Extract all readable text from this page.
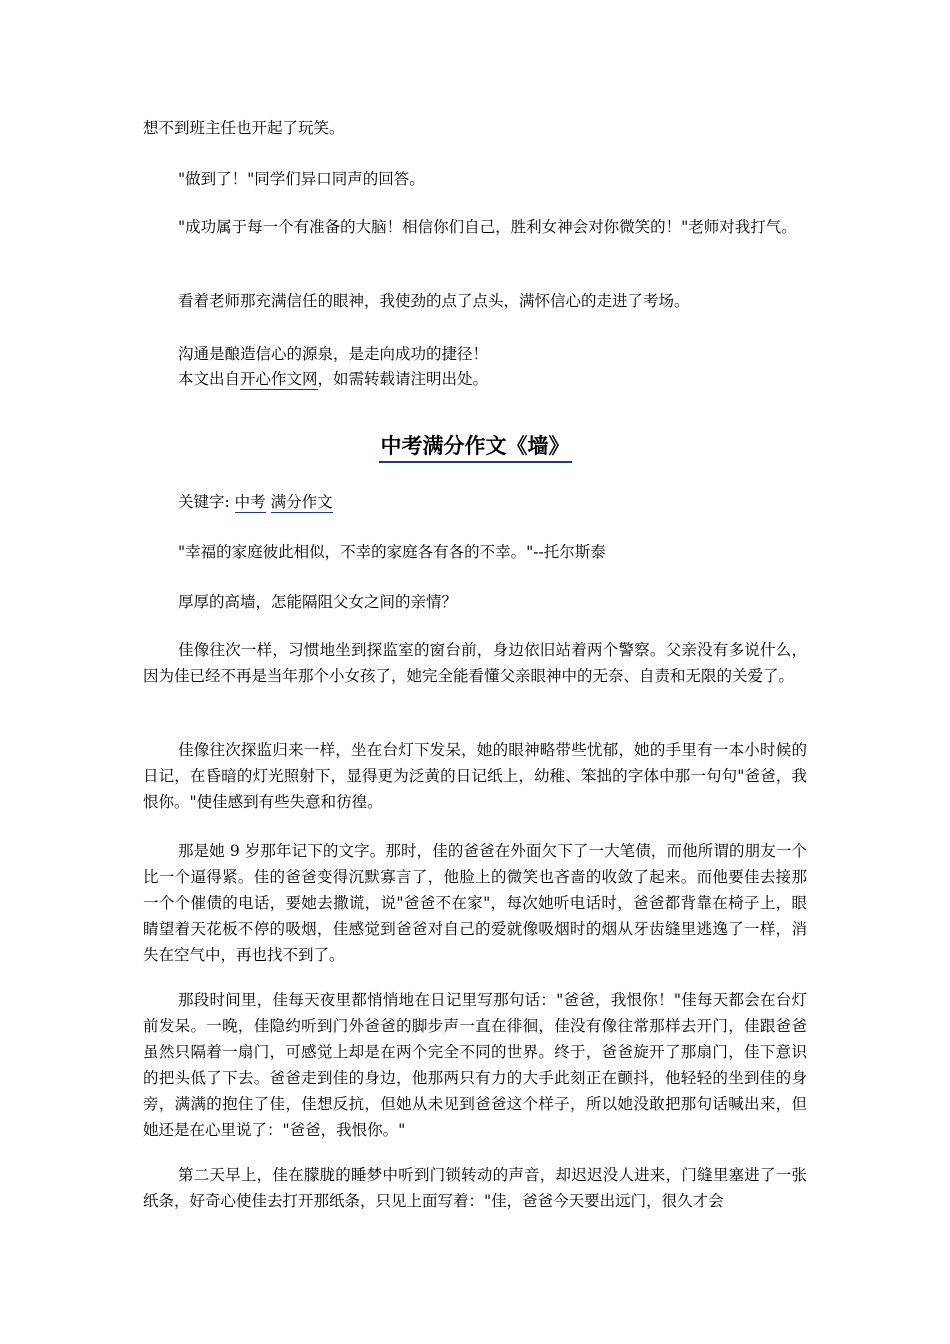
想不到班主任也开起了玩笑。

"做到了！"同学们异口同声的回答。

"成功属于每一个有准备的大脑！相信你们自己，胜利女神会对你微笑的！"老师对我打气。

看着老师那充满信任的眼神，我使劲的点了点头，满怀信心的走进了考场。

沟通是酿造信心的源泉，是走向成功的捷径！

本文出自开心作文网，如需转载请注明出处。

中考满分作文《墙》

关键字: 中考 满分作文

"幸福的家庭彼此相似，不幸的家庭各有各的不幸。"--托尔斯泰

厚厚的高墙，怎能隔阻父女之间的亲情？

佳像往次一样，习惯地坐到探监室的窗台前，身边依旧站着两个警察。父亲没有多说什么，因为佳已经不再是当年那个小女孩了，她完全能看懂父亲眼神中的无奈、自责和无限的关爱了。

佳像往次探监归来一样，坐在台灯下发呆，她的眼神略带些忧郁，她的手里有一本小时候的日记，在昏暗的灯光照射下，显得更为泛黄的日记纸上，幼稚、笨拙的字体中那一句句"爸爸，我恨你。"使佳感到有些失意和彷徨。

那是她 9 岁那年记下的文字。那时，佳的爸爸在外面欠下了一大笔债，而他所谓的朋友一个比一个逼得紧。佳的爸爸变得沉默寡言了，他脸上的微笑也吝啬的收敛了起来。而他要佳去接那一个个催债的电话，要她去撒谎，说"爸爸不在家"，每次她听电话时，爸爸都背靠在椅子上，眼睛望着天花板不停的吸烟，佳感觉到爸爸对自己的爱就像吸烟时的烟从牙齿缝里逃逸了一样，消失在空气中，再也找不到了。

那段时间里，佳每天夜里都悄悄地在日记里写那句话："爸爸，我恨你！"佳每天都会在台灯前发呆。一晚，佳隐约听到门外爸爸的脚步声一直在徘徊，佳没有像往常那样去开门，佳跟爸爸虽然只隔着一扇门，可感觉上却是在两个完全不同的世界。终于，爸爸旋开了那扇门，佳下意识的把头低了下去。爸爸走到佳的身边，他那两只有力的大手此刻正在颤抖，他轻轻的坐到佳的身旁，满满的抱住了佳，佳想反抗，但她从未见到爸爸这个样子，所以她没敢把那句话喊出来，但她还是在心里说了："爸爸，我恨你。"

第二天早上，佳在朦胧的睡梦中听到门锁转动的声音，却迟迟没人进来，门缝里塞进了一张纸条，好奇心使佳去打开那纸条，只见上面写着："佳，爸爸今天要出远门，很久才会
